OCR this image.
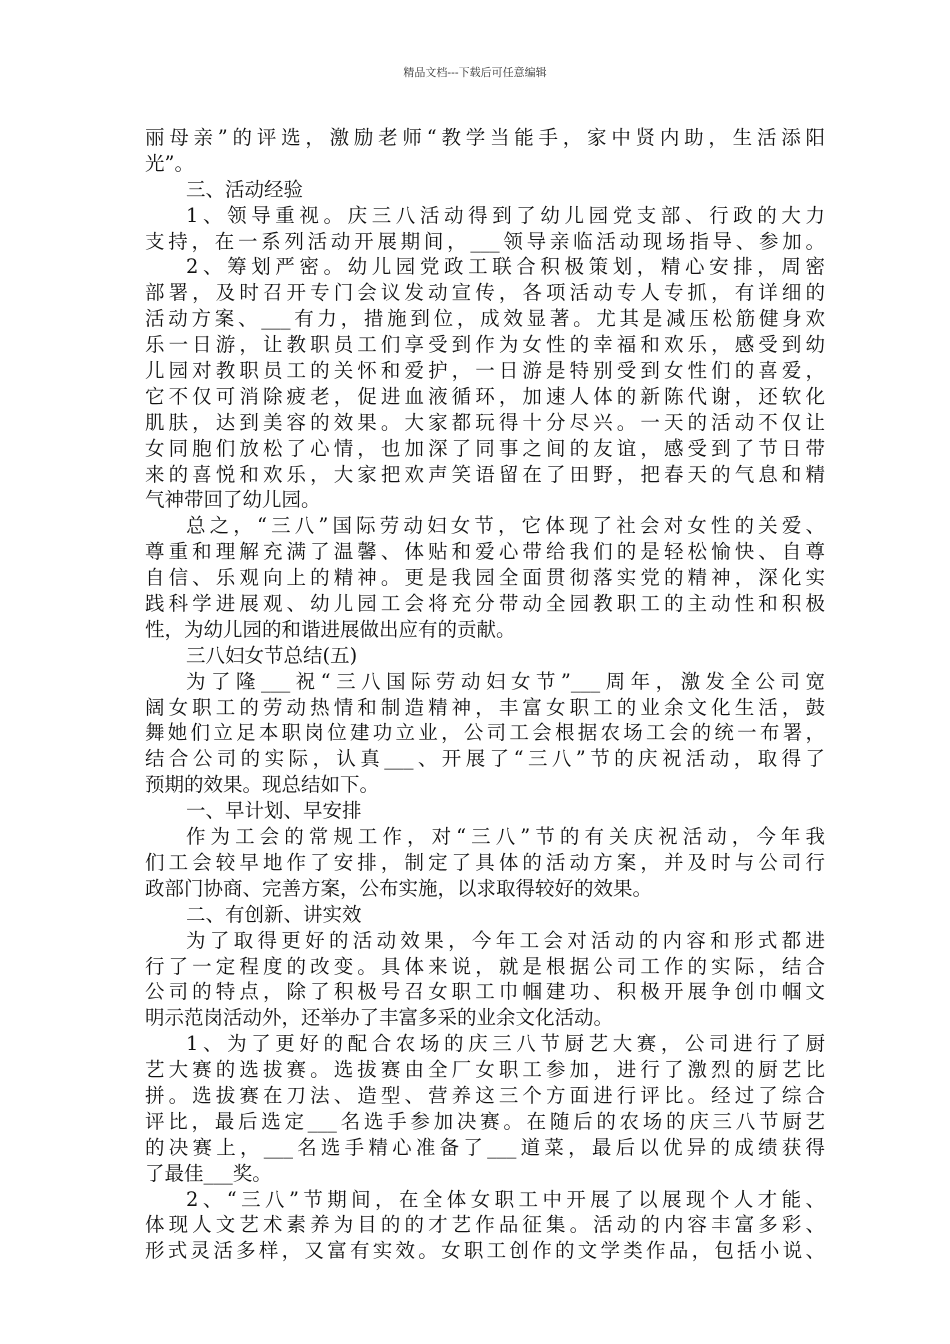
精品文档---下载后可任意编辑
丽母亲”的评选，激励老师“教学当能手，家中贤内助，生活添阳
光”。
三、活动经验
1、领导重视。庆三八活动得到了幼儿园党支部、行政的大力
支持，在一系列活动开展期间，___领导亲临活动现场指导、参加。
2、筹划严密。幼儿园党政工联合积极策划，精心安排，周密
部署，及时召开专门会议发动宣传，各项活动专人专抓，有详细的
活动方案、___有力，措施到位，成效显著。尤其是减压松筋健身欢
乐一日游，让教职员工们享受到作为女性的幸福和欢乐，感受到幼
儿园对教职员工的关怀和爱护，一日游是特别受到女性们的喜爱，
它不仅可消除疲老，促进血液循环，加速人体的新陈代谢，还软化
肌肤，达到美容的效果。大家都玩得十分尽兴。一天的活动不仅让
女同胞们放松了心情，也加深了同事之间的友谊，感受到了节日带
来的喜悦和欢乐，大家把欢声笑语留在了田野，把春天的气息和精
气神带回了幼儿园。
总之，“三八”国际劳动妇女节，它体现了社会对女性的关爱、
尊重和理解充满了温馨、体贴和爱心带给我们的是轻松愉快、自尊
自信、乐观向上的精神。更是我园全面贯彻落实党的精神，深化实
践科学进展观、幼儿园工会将充分带动全园教职工的主动性和积极
性，为幼儿园的和谐进展做出应有的贡献。
三八妇女节总结(五)
为了隆___祝“三八国际劳动妇女节”___周年，激发全公司宽
阔女职工的劳动热情和制造精神，丰富女职工的业余文化生活，鼓
舞她们立足本职岗位建功立业，公司工会根据农场工会的统一布署，
结合公司的实际，认真___、开展了“三八”节的庆祝活动，取得了
预期的效果。现总结如下。
一、早计划、早安排
作为工会的常规工作，对“三八”节的有关庆祝活动，今年我
们工会较早地作了安排，制定了具体的活动方案，并及时与公司行
政部门协商、完善方案，公布实施，以求取得较好的效果。
二、有创新、讲实效
为了取得更好的活动效果，今年工会对活动的内容和形式都进
行了一定程度的改变。具体来说，就是根据公司工作的实际，结合
公司的特点，除了积极号召女职工巾帼建功、积极开展争创巾帼文
明示范岗活动外，还举办了丰富多采的业余文化活动。
1、为了更好的配合农场的庆三八节厨艺大赛，公司进行了厨
艺大赛的选拔赛。选拔赛由全厂女职工参加，进行了激烈的厨艺比
拼。选拔赛在刀法、造型、营养这三个方面进行评比。经过了综合
评比，最后选定___名选手参加决赛。在随后的农场的庆三八节厨艺
的决赛上，___名选手精心准备了___道菜，最后以优异的成绩获得
了最佳___奖。
2、“三八”节期间，在全体女职工中开展了以展现个人才能、
体现人文艺术素养为目的的才艺作品征集。活动的内容丰富多彩、
形式灵活多样，又富有实效。女职工创作的文学类作品，包括小说、
